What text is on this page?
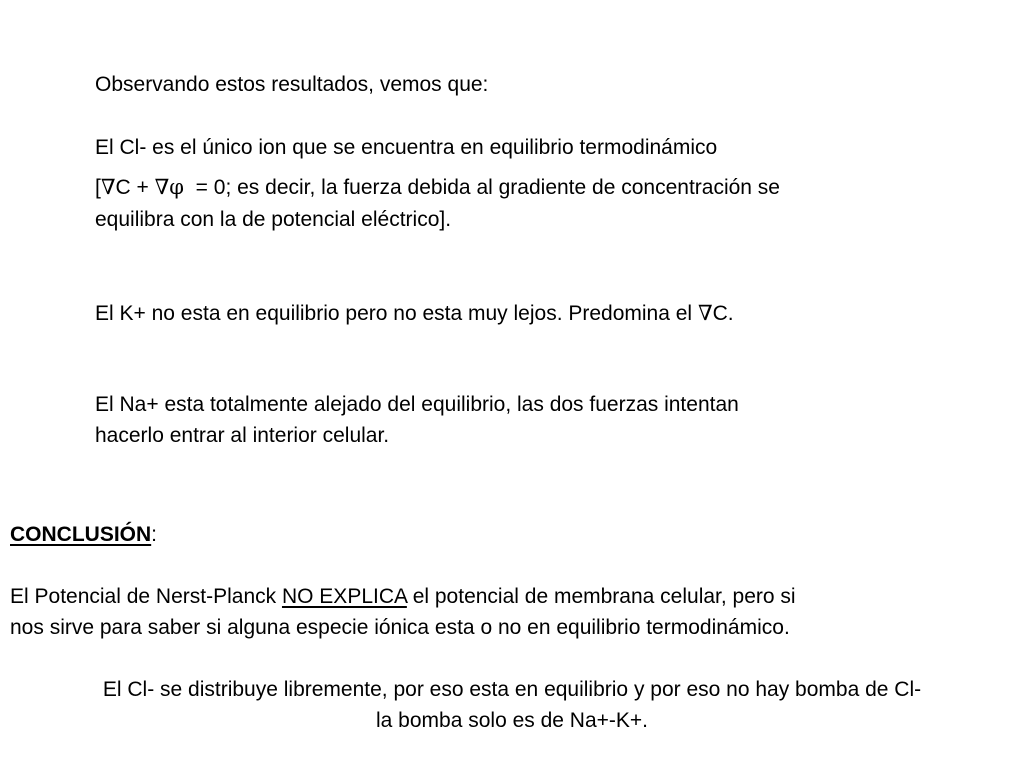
Observando estos resultados, vemos que:
El Cl- es el único ion que se encuentra en equilibrio termodinámico
[∇C + ∇φ  = 0; es decir, la fuerza debida al gradiente de concentración se
equilibra con la de potencial eléctrico].
El K+ no esta en equilibrio pero no esta muy lejos. Predomina el ∇C.
El Na+ esta totalmente alejado del equilibrio, las dos fuerzas intentan
hacerlo entrar al interior celular.
CONCLUSIÓN:
El Potencial de Nerst-Planck NO EXPLICA el potencial de membrana celular, pero si
nos sirve para saber si alguna especie iónica esta o no en equilibrio termodinámico.
El Cl- se distribuye libremente, por eso esta en equilibrio y por eso no hay bomba de Cl-
la bomba solo es de Na+-K+.
